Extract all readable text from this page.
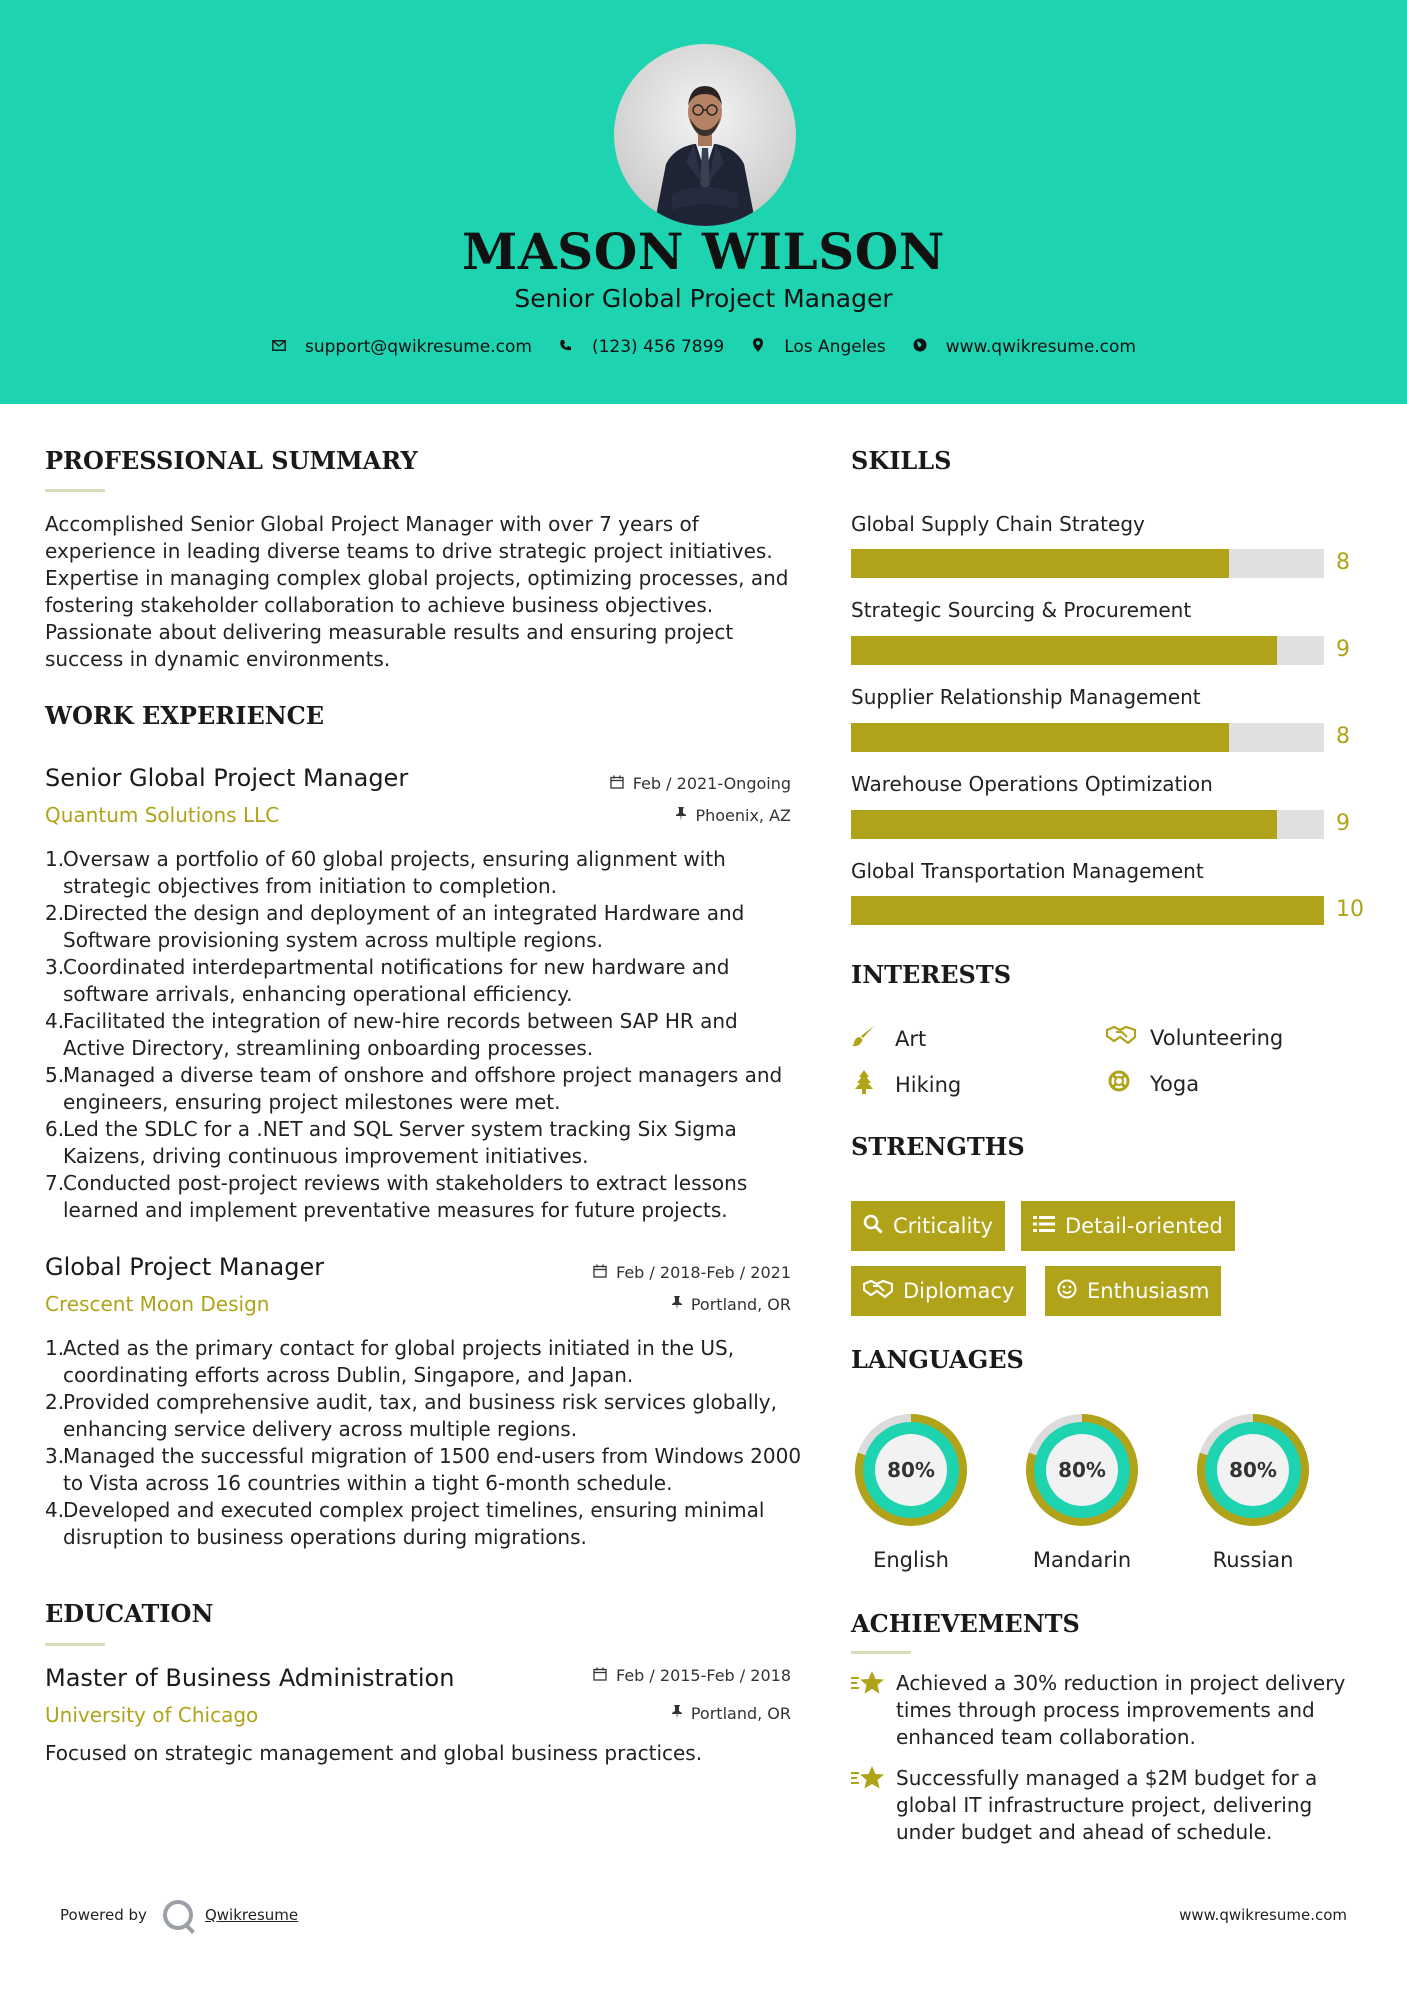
MASON WILSON
Senior Global Project Manager
support@qwikresume.com	(123) 456 7899	Los Angeles	www.qwikresume.com
PROFESSIONAL SUMMARY
Accomplished Senior Global Project Manager with over 7 years of experience in leading diverse teams to drive strategic project initiatives. Expertise in managing complex global projects, optimizing processes, and fostering stakeholder collaboration to achieve business objectives. Passionate about delivering measurable results and ensuring project success in dynamic environments.
WORK EXPERIENCE
Senior Global Project Manager
Quantum Solutions LLC
Feb / 2021-Ongoing
Phoenix, AZ
1.
Oversaw a portfolio of 60 global projects, ensuring alignment with strategic objectives from initiation to completion.
2.
Directed the design and deployment of an integrated Hardware and Software provisioning system across multiple regions.
3.
Coordinated interdepartmental notifications for new hardware and software arrivals, enhancing operational efficiency.
4.
Facilitated the integration of new-hire records between SAP HR and Active Directory, streamlining onboarding processes.
5.
Managed a diverse team of onshore and offshore project managers and engineers, ensuring project milestones were met.
6.
Led the SDLC for a .NET and SQL Server system tracking Six Sigma Kaizens, driving continuous improvement initiatives.
7.
Conducted post-project reviews with stakeholders to extract lessons learned and implement preventative measures for future projects.
Global Project Manager
Crescent Moon Design
Feb / 2018-Feb / 2021
Portland, OR
1.
Acted as the primary contact for global projects initiated in the US, coordinating efforts across Dublin, Singapore, and Japan.
2.
Provided comprehensive audit, tax, and business risk services globally, enhancing service delivery across multiple regions.
3.
Managed the successful migration of 1500 end-users from Windows 2000 to Vista across 16 countries within a tight 6-month schedule.
4.
Developed and executed complex project timelines, ensuring minimal disruption to business operations during migrations.
EDUCATION
Master of Business Administration
University of Chicago
Feb / 2015-Feb / 2018
Portland, OR
Focused on strategic management and global business practices.
SKILLS
Global Supply Chain Strategy
8
Strategic Sourcing & Procurement
9
Supplier Relationship Management
8
Warehouse Operations Optimization
9
Global Transportation Management
10
INTERESTS
Art	Volunteering
Hiking	Yoga
STRENGTHS
Criticality	Detail-oriented
Diplomacy	Enthusiasm
LANGUAGES
80%
English
80%
Mandarin
80%
Russian
ACHIEVEMENTS
Achieved a 30% reduction in project delivery times through process improvements and enhanced team collaboration.
Successfully managed a $2M budget for a global IT infrastructure project, delivering under budget and ahead of schedule.
Powered by	Qwikresume	www.qwikresume.com
